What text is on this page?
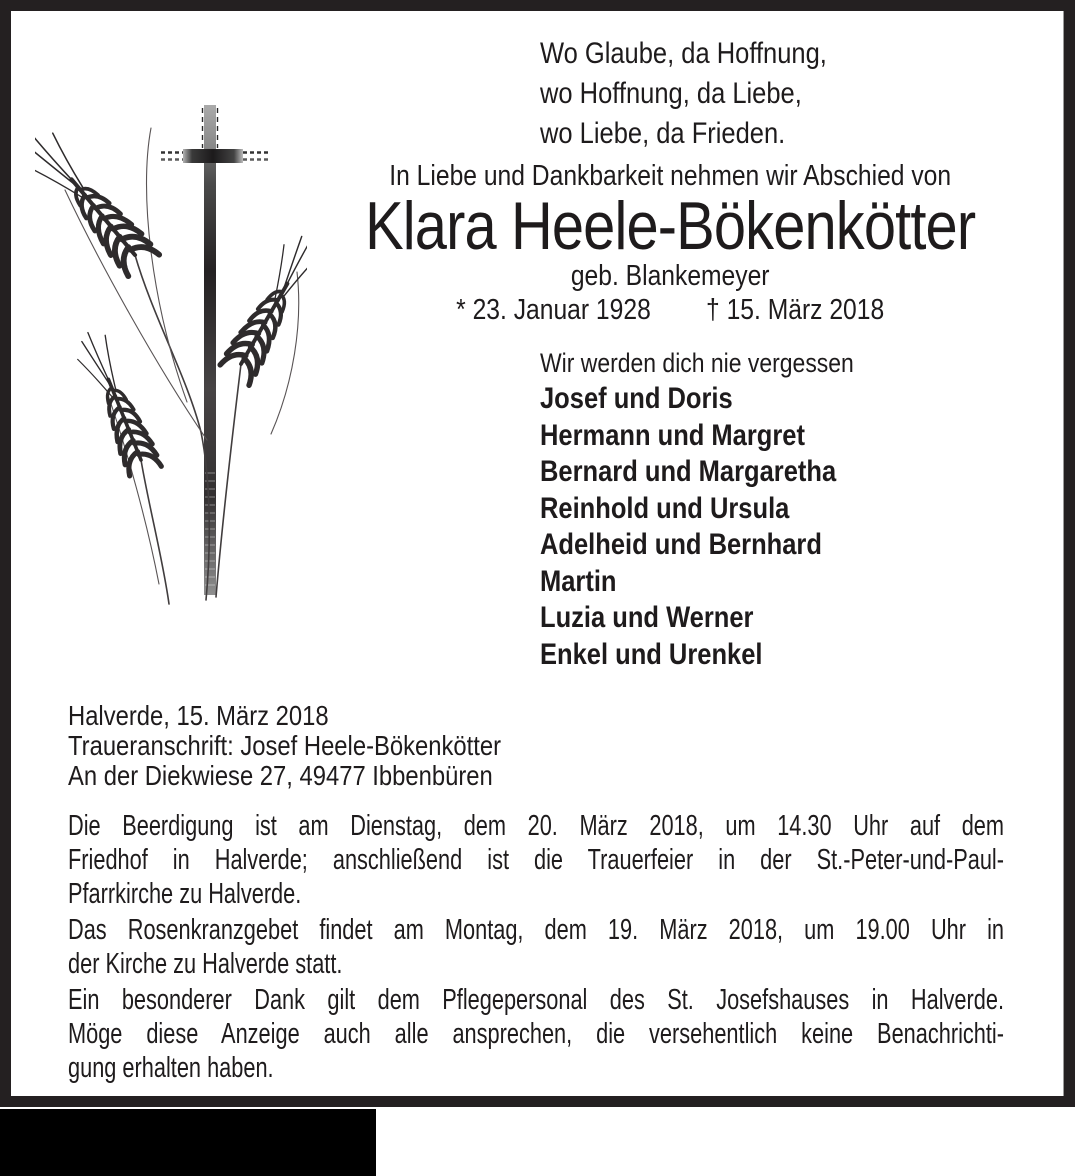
Wo Glaube, da Hoffnung,
wo Hoffnung, da Liebe,
wo Liebe, da Frieden.
In Liebe und Dankbarkeit nehmen wir Abschied von
Klara Heele-Bökenkötter
geb. Blankemeyer
* 23. Januar 1928 † 15. März 2018
Wir werden dich nie vergessen
Josef und Doris
Hermann und Margret
Bernard und Margaretha
Reinhold und Ursula
Adelheid und Bernhard
Martin
Luzia und Werner
Enkel und Urenkel
Halverde, 15. März 2018
Traueranschrift: Josef Heele-Bökenkötter
An der Diekwiese 27, 49477 Ibbenbüren
Die Beerdigung ist am Dienstag, dem 20. März 2018, um 14.30 Uhr auf dem
Friedhof in Halverde; anschließend ist die Trauerfeier in der St.-Peter-und-Paul-
Pfarrkirche zu Halverde.
Das Rosenkranzgebet findet am Montag, dem 19. März 2018, um 19.00 Uhr in
der Kirche zu Halverde statt.
Ein besonderer Dank gilt dem Pflegepersonal des St. Josefshauses in Halverde.
Möge diese Anzeige auch alle ansprechen, die versehentlich keine Benachrichti-
gung erhalten haben.
